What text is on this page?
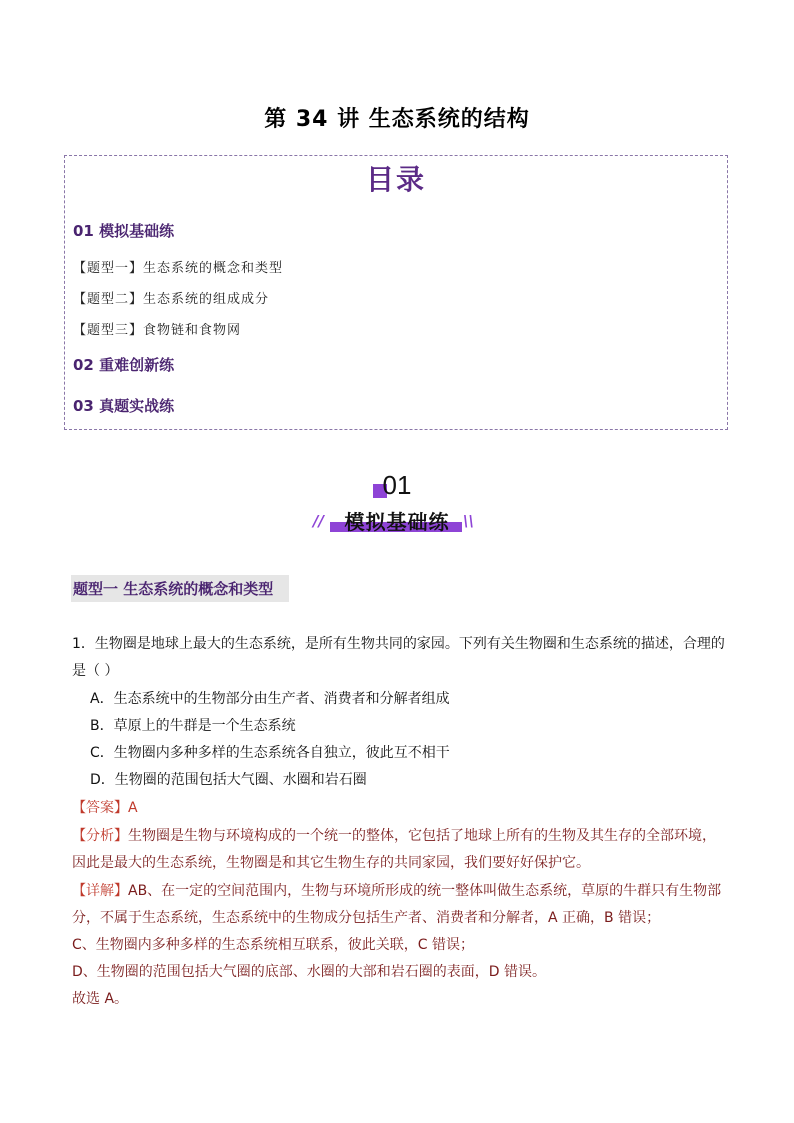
第 34 讲 生态系统的结构
目录
01 模拟基础练
【题型一】生态系统的概念和类型
【题型二】生态系统的组成成分
【题型三】食物链和食物网
02 重难创新练
03 真题实战练
01
模拟基础练
//	\\
题型一 生态系统的概念和类型
1．生物圈是地球上最大的生态系统，是所有生物共同的家园。下列有关生物圈和生态系统的描述，合理的
是（ ）
A．生态系统中的生物部分由生产者、消费者和分解者组成
B．草原上的牛群是一个生态系统
C．生物圈内多种多样的生态系统各自独立，彼此互不相干
D．生物圈的范围包括大气圈、水圈和岩石圈
【答案】A
【分析】生物圈是生物与环境构成的一个统一的整体，它包括了地球上所有的生物及其生存的全部环境，
因此是最大的生态系统，生物圈是和其它生物生存的共同家园，我们要好好保护它。
【详解】AB、在一定的空间范围内，生物与环境所形成的统一整体叫做生态系统，草原的牛群只有生物部
分，不属于生态系统，生态系统中的生物成分包括生产者、消费者和分解者，A 正确，B 错误；
C、生物圈内多种多样的生态系统相互联系，彼此关联，C 错误；
D、生物圈的范围包括大气圈的底部、水圈的大部和岩石圈的表面，D 错误。
故选 A。
